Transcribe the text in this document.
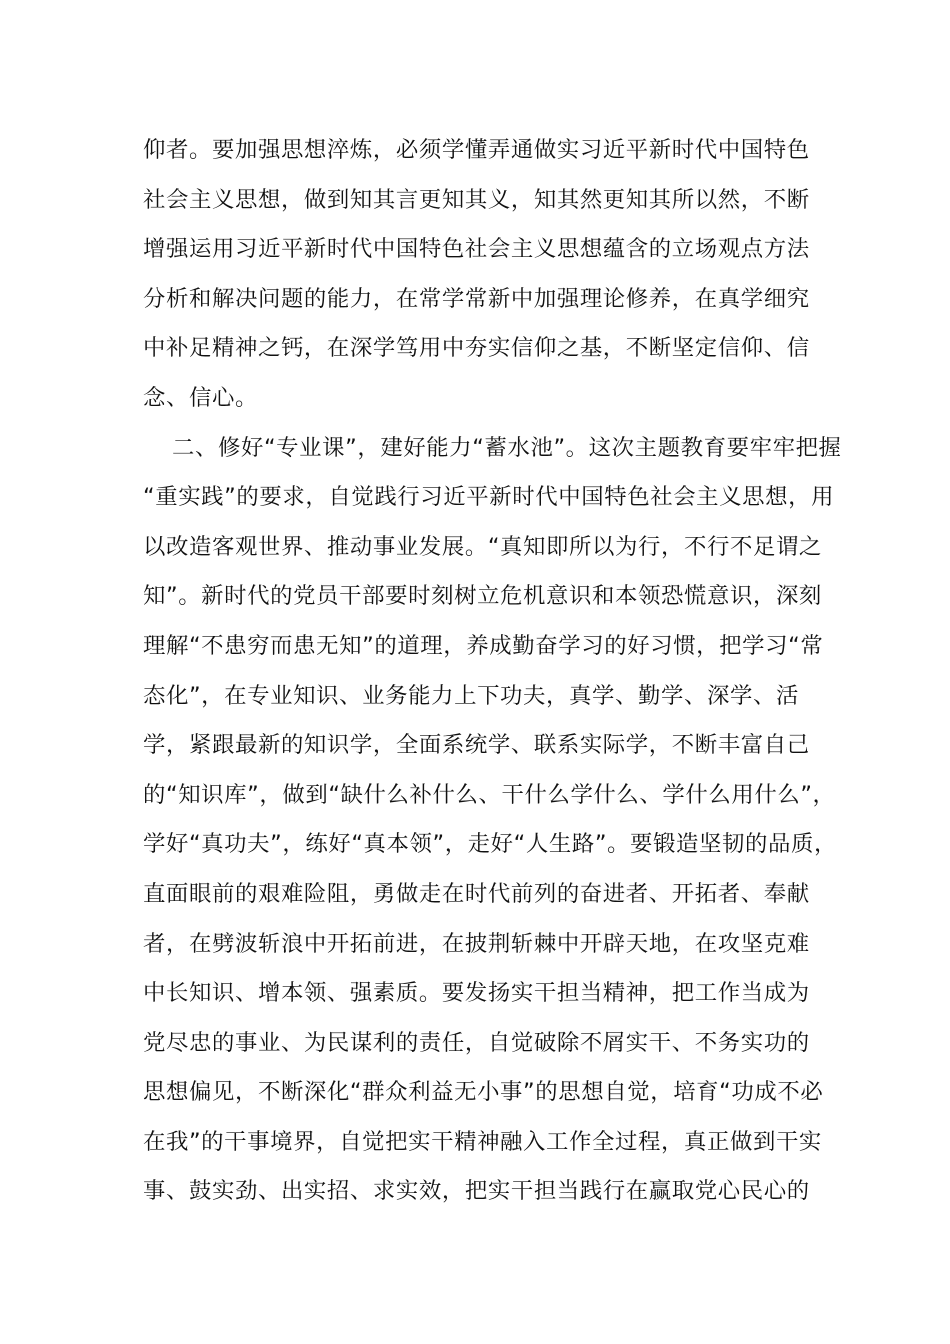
仰者。要加强思想淬炼，必须学懂弄通做实习近平新时代中国特色
社会主义思想，做到知其言更知其义，知其然更知其所以然，不断
增强运用习近平新时代中国特色社会主义思想蕴含的立场观点方法
分析和解决问题的能力，在常学常新中加强理论修养，在真学细究
中补足精神之钙，在深学笃用中夯实信仰之基，不断坚定信仰、信
念、信心。
二、修好“专业课”，建好能力“蓄水池”。这次主题教育要牢牢把握
“重实践”的要求，自觉践行习近平新时代中国特色社会主义思想，用
以改造客观世界、推动事业发展。“真知即所以为行，不行不足谓之
知”。新时代的党员干部要时刻树立危机意识和本领恐慌意识，深刻
理解“不患穷而患无知”的道理，养成勤奋学习的好习惯，把学习“常
态化”，在专业知识、业务能力上下功夫，真学、勤学、深学、活
学，紧跟最新的知识学，全面系统学、联系实际学，不断丰富自己
的“知识库”，做到“缺什么补什么、干什么学什么、学什么用什么”，
学好“真功夫”，练好“真本领”，走好“人生路”。要锻造坚韧的品质，
直面眼前的艰难险阻，勇做走在时代前列的奋进者、开拓者、奉献
者，在劈波斩浪中开拓前进，在披荆斩棘中开辟天地，在攻坚克难
中长知识、增本领、强素质。要发扬实干担当精神，把工作当成为
党尽忠的事业、为民谋利的责任，自觉破除不屑实干、不务实功的
思想偏见，不断深化“群众利益无小事”的思想自觉，培育“功成不必
在我”的干事境界，自觉把实干精神融入工作全过程，真正做到干实
事、鼓实劲、出实招、求实效，把实干担当践行在赢取党心民心的
